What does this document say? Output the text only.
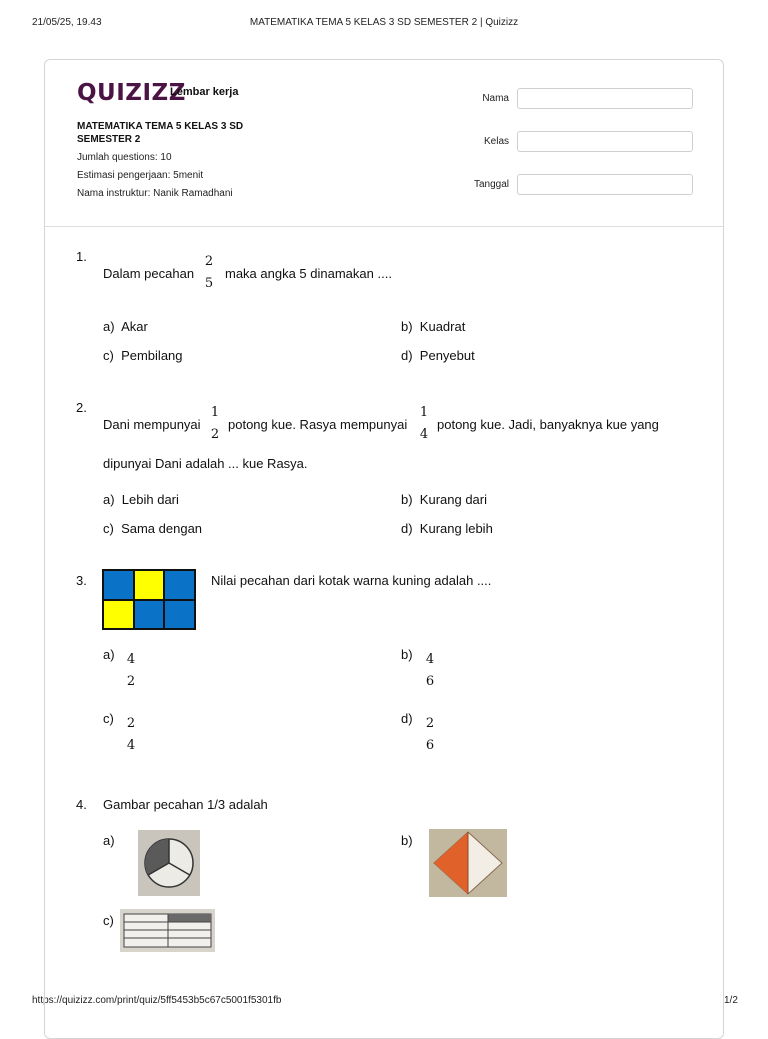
21/05/25, 19.43	MATEMATIKA TEMA 5 KELAS 3 SD SEMESTER 2 | Quizizz
https://quizizz.com/print/quiz/5ff5453b5c67c5001f5301fb	1/2
QUIZIZZ
Lembar kerja
MATEMATIKA TEMA 5 KELAS 3 SD
SEMESTER 2
Jumlah questions: 10
Estimasi pengerjaan: 5menit
Nama instruktur: Nanik Ramadhani
Nama
Kelas
Tanggal
1.
Dalam pecahan
2
5
maka angka 5 dinamakan ....
a) Akar	b) Kuadrat
c) Pembilang	d) Penyebut
2.
Dani mempunyai
1
2
potong kue. Rasya mempunyai
1
4
potong kue. Jadi, banyaknya kue yang
dipunyai Dani adalah ... kue Rasya.
a) Lebih dari	b) Kurang dari
c) Sama dengan	d) Kurang lebih
3.	Nilai pecahan dari kotak warna kuning adalah ....
a) 4
2
b) 4
6
c) 2
4
d) 2
6
4. Gambar pecahan 1/3 adalah
a)	b)
c)
